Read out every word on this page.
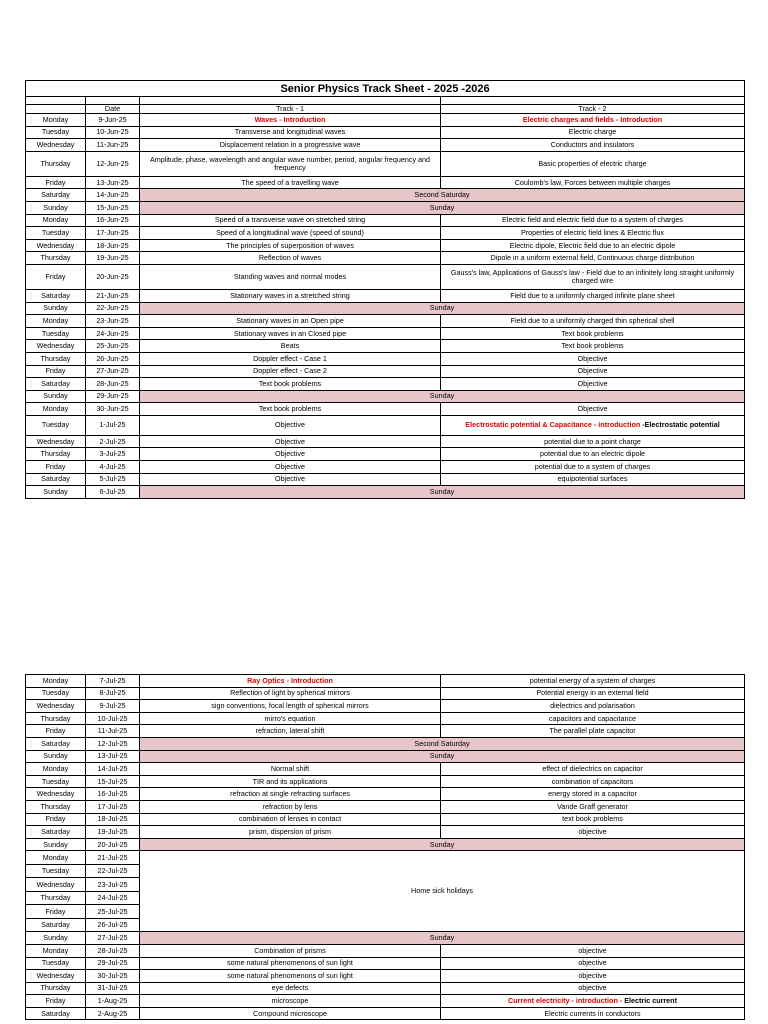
Senior Physics Track Sheet - 2025 -2026			

	Date	Track - 1	Track - 2
Monday	9-Jun-25	Waves - Introduction	Electric charges and fields - Introduction
Tuesday	10-Jun-25	Transverse and longitudinal waves	Electric charge
Wednesday	11-Jun-25	Displacement relation in a progressive wave	Conductors and insulators
Thursday	12-Jun-25	Amplitude, phase, wavelength and angular wave number, period, angular frequency and frequency	Basic properties of electric charge
Friday	13-Jun-25	The speed of a travelling wave	Coulomb's law, Forces between multiple charges
Saturday	14-Jun-25	Second Saturday	
Sunday	15-Jun-25	Sunday	
Monday	16-Jun-25	Speed of a transverse wave on stretched string	Electric field and electric field due to a system of charges
Tuesday	17-Jun-25	Speed of a longitudinal wave (speed of sound)	Properties of electric field lines & Electric flux
Wednesday	18-Jun-25	The principles of superposition of waves	Electric dipole, Electric field due to an electric dipole
Thursday	19-Jun-25	Reflection of waves	Dipole in a uniform external field, Continuous charge distribution
Friday	20-Jun-25	Standing waves and normal modes	Gauss's law, Applications of Gauss's law - Field due to an infinitely long straight uniformly charged wire
Saturday	21-Jun-25	Stationary waves in a stretched string	Field due to a uniformly charged infinite plane sheet
Sunday	22-Jun-25	Sunday	
Monday	23-Jun-25	Stationary waves in an Open pipe	Field due to a uniformly charged thin spherical shell
Tuesday	24-Jun-25	Stationary waves in an Closed pipe	Text book problems
Wednesday	25-Jun-25	Beats	Text book problems
Thursday	26-Jun-25	Doppler effect - Case 1	Objective
Friday	27-Jun-25	Doppler effect - Case 2	Objective
Saturday	28-Jun-25	Text book problems	Objective
Sunday	29-Jun-25	Sunday	
Monday	30-Jun-25	Text book problems	Objective
Tuesday	1-Jul-25	Objective	Electrostatic potential & Capacitance - introduction -Electrostatic potential
Wednesday	2-Jul-25	Objective	potential due to a point charge
Thursday	3-Jul-25	Objective	potential due to an electric dipole
Friday	4-Jul-25	Objective	potential due to a system of charges
Saturday	5-Jul-25	Objective	equipotential surfaces
Sunday	6-Jul-25	Sunday	
Monday	7-Jul-25	Ray Optics - Introduction	potential energy of a system of charges
Tuesday	8-Jul-25	Reflection of light by spherical mirrors	Potential energy in an external field
Wednesday	9-Jul-25	sign conventions, focal length of spherical mirrors	dielectrics and polarisation
Thursday	10-Jul-25	mirro's equation	capacitors and capacitance
Friday	11-Jul-25	refraction, lateral shift	The parallel plate capacitor
Saturday	12-Jul-25	Second Saturday	
Sunday	13-Jul-25	Sunday	
Monday	14-Jul-25	Normal shift	effect of dielectrics on capacitor
Tuesday	15-Jul-25	TIR and its applications	combination of capacitors
Wednesday	16-Jul-25	refraction at single refracting surfaces	energy stored in a capacitor
Thursday	17-Jul-25	refraction by lens	Vande Graff generator
Friday	18-Jul-25	combination of lenses in contact	text book problems
Saturday	19-Jul-25	prism, dispersion of prism	objective
Sunday	20-Jul-25	Sunday	
Monday	21-Jul-25	Home sick holidays	
Tuesday	22-Jul-25		
Wednesday	23-Jul-25		
Thursday	24-Jul-25		
Friday	25-Jul-25		
Saturday	26-Jul-25		
Sunday	27-Jul-25	Sunday	
Monday	28-Jul-25	Combination of prisms	objective
Tuesday	29-Jul-25	some natural phenomenons of sun light	objective
Wednesday	30-Jul-25	some natural phenomenons of sun light	objective
Thursday	31-Jul-25	eye defects	objective
Friday	1-Aug-25	microscope	Current electricity - introduction - Electric current
Saturday	2-Aug-25	Compound microscope	Electric currents in conductors
